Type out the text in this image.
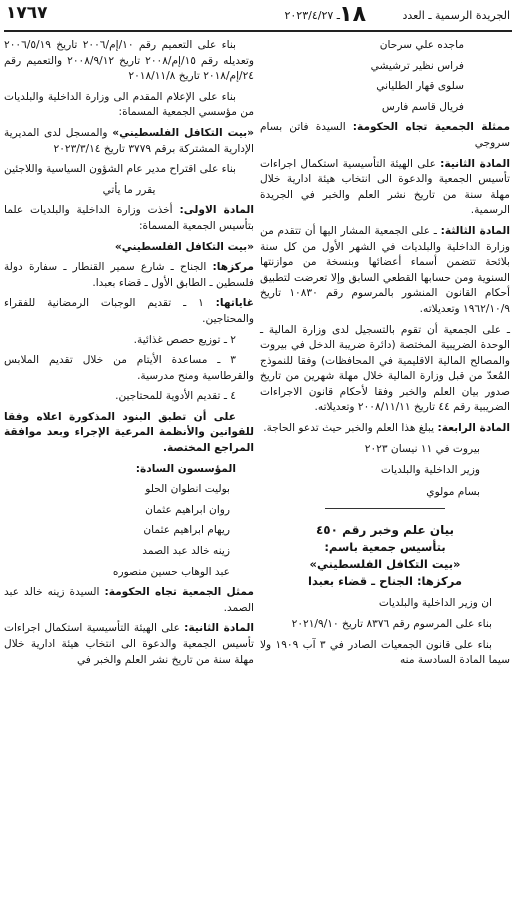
الجريدة الرسمية ـ العدد
١٨
ـ ٢٠٢٣/٤/٢٧
١٧٦٧

ماجده علي سرحان

فراس نظير ترشيشي

سلوى قهار الطلياني

فريال قاسم فارس

ممثلة الجمعية تجاه الحكومة: السيدة فاتن بسام سروجي

المادة الثانية: على الهيئة التأسيسية استكمال اجراءات تأسيس الجمعية والدعوة الى انتخاب هيئة ادارية خلال مهلة سنة من تاريخ نشر العلم والخبر في الجريدة الرسمية.

المادة الثالثة: ـ على الجمعية المشار اليها أن تتقدم من وزارة الداخلية والبلديات في الشهر الأول من كل سنة بلائحة تتضمن أسماء أعضائها وبنسخة من موازنتها السنوية ومن حسابها القطعي السابق وإلا تعرضت لتطبيق أحكام القانون المنشور بالمرسوم رقم ١٠٨٣٠ تاريخ ١٩٦٢/١٠/٩ وتعديلاته.

ـ على الجمعية أن تقوم بالتسجيل لدى وزارة المالية ـ الوحدة الضريبية المختصة (دائرة ضريبة الدخل في بيروت والمصالح المالية الاقليمية في المحافظات) وفقا للنموذج المُعدّ من قبل وزارة المالية خلال مهلة شهرين من تاريخ صدور بيان العلم والخبر وفقا لأحكام قانون الاجراءات الضريبية رقم ٤٤ تاريخ ٢٠٠٨/١١/١١ وتعديلاته.

المادة الرابعة: يبلغ هذا العلم والخبر حيث تدعو الحاجة.

بيروت في ١١ نيسان ٢٠٢٣

وزير الداخلية والبلديات

بسام مولوي

بيان علم وخبر رقم ٤٥٠
بتأسيس جمعية باسم:
«بيت التكافل الفلسطيني»
مركزها: الجناح ـ قضاء بعبدا

ان وزير الداخلية والبلديات

بناء على المرسوم رقم ٨٣٧٦ تاريخ ٢٠٢١/٩/١٠

بناء على قانون الجمعيات الصادر في ٣ آب ١٩٠٩ ولا سيما المادة السادسة منه

بناء على التعميم رقم ١٠/إم/٢٠٠٦ تاريخ ٢٠٠٦/٥/١٩ وتعديله رقم ١٥/إم/٢٠٠٨ تاريخ ٢٠٠٨/٩/١٢ والتعميم رقم ٢٤/إم/٢٠١٨ تاريخ ٢٠١٨/١١/٨

بناء على الإعلام المقدم الى وزارة الداخلية والبلديات من مؤسسي الجمعية المسماة:

«بيت التكافل الفلسطيني» والمسجل لدى المديرية الإدارية المشتركة برقم ٣٧٧٩ تاريخ ٢٠٢٣/٣/١٤

بناء على اقتراح مدير عام الشؤون السياسية واللاجئين

يقرر ما يأتي

المادة الاولى: أخذت وزارة الداخلية والبلديات علما بتأسيس الجمعية المسماة:

«بيت التكافل الفلسطيني»

مركزها: الجناح ـ شارع سمير القنطار ـ سفارة دولة فلسطين ـ الطابق الأول ـ قضاء بعبدا.

غاياتها: ١ ـ تقديم الوجبات الرمضانية للفقراء والمحتاجين.

٢ ـ توزيع حصص غذائية.

٣ ـ مساعدة الأيتام من خلال تقديم الملابس والقرطاسية ومنح مدرسية.

٤ ـ تقديم الأدوية للمحتاجين.

على أن تطبق البنود المذكورة اعلاه وفقا للقوانين والأنظمة المرعية الإجراء وبعد موافقة المراجع المختصة.

المؤسسون السادة:

بوليت انطوان الحلو

روان ابراهيم عثمان

ريهام ابراهيم عثمان

زينه خالد عبد الصمد

عبد الوهاب حسين منصوره

ممثل الجمعية تجاه الحكومة: السيدة زينه خالد عبد الصمد.

المادة الثانية: على الهيئة التأسيسية استكمال اجراءات تأسيس الجمعية والدعوة الى انتخاب هيئة ادارية خلال مهلة سنة من تاريخ نشر العلم والخبر في
